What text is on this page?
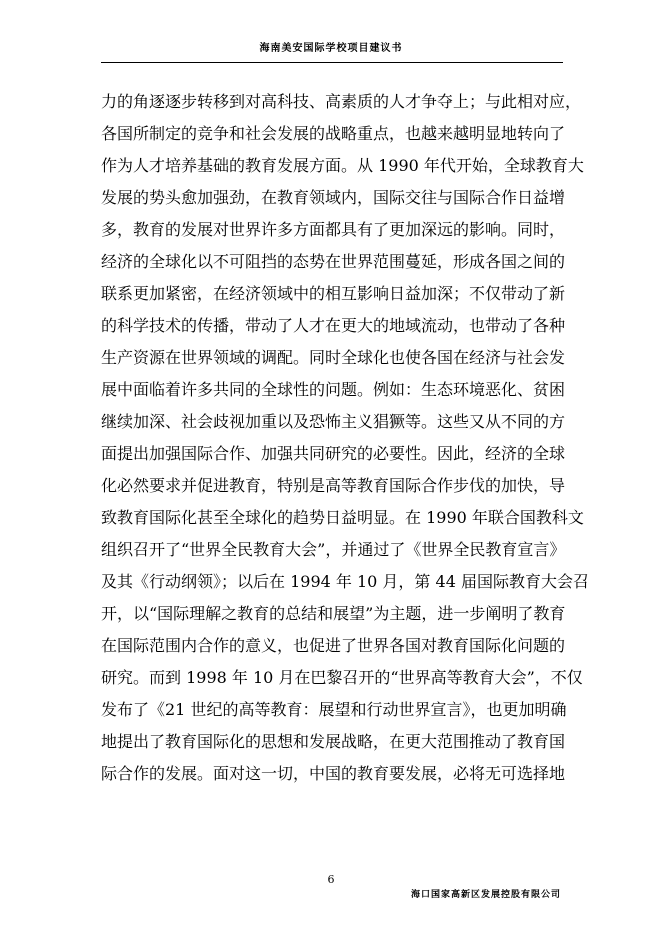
海南美安国际学校项目建议书
力的角逐逐步转移到对高科技、高素质的人才争夺上；与此相对应，
各国所制定的竞争和社会发展的战略重点，也越来越明显地转向了
作为人才培养基础的教育发展方面。从 1990 年代开始，全球教育大
发展的势头愈加强劲，在教育领域内，国际交往与国际合作日益增
多，教育的发展对世界许多方面都具有了更加深远的影响。同时，
经济的全球化以不可阻挡的态势在世界范围蔓延，形成各国之间的
联系更加紧密，在经济领域中的相互影响日益加深；不仅带动了新
的科学技术的传播，带动了人才在更大的地域流动，也带动了各种
生产资源在世界领域的调配。同时全球化也使各国在经济与社会发
展中面临着许多共同的全球性的问题。例如：生态环境恶化、贫困
继续加深、社会歧视加重以及恐怖主义猖獗等。这些又从不同的方
面提出加强国际合作、加强共同研究的必要性。因此，经济的全球
化必然要求并促进教育，特别是高等教育国际合作步伐的加快，导
致教育国际化甚至全球化的趋势日益明显。在 1990 年联合国教科文
组织召开了“世界全民教育大会”，并通过了《世界全民教育宣言》
及其《行动纲领》；以后在 1994 年 10 月，第 44 届国际教育大会召
开，以“国际理解之教育的总结和展望”为主题，进一步阐明了教育
在国际范围内合作的意义，也促进了世界各国对教育国际化问题的
研究。而到 1998 年 10 月在巴黎召开的“世界高等教育大会”，不仅
发布了《21 世纪的高等教育：展望和行动世界宣言》，也更加明确
地提出了教育国际化的思想和发展战略，在更大范围推动了教育国
际合作的发展。面对这一切，中国的教育要发展，必将无可选择地
6
海口国家高新区发展控股有限公司
